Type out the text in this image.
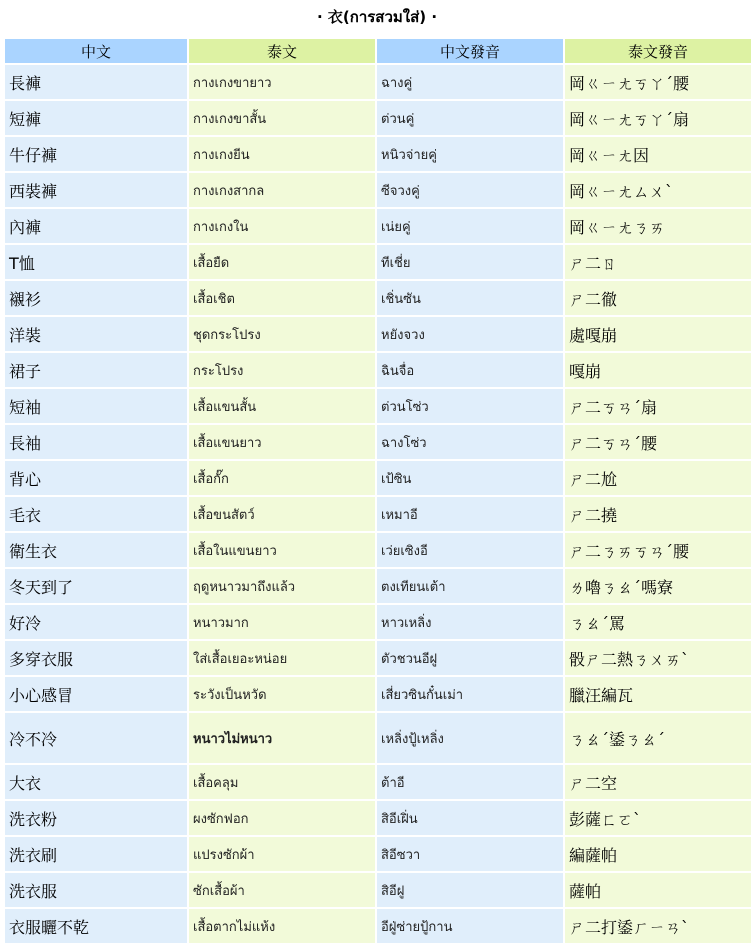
· 衣(การสวมใส่) ·
中文	泰文	中文發音	泰文發音
長褲	กางเกงขายาว	ฉางคู่	岡ㄍㄧㄤㄎㄚˊ腰
短褲	กางเกงขาสั้น	ต่วนคู่	岡ㄍㄧㄤㄎㄚˊ扇
牛仔褲	กางเกงยีน	หนิวจ่ายคู่	岡ㄍㄧㄤ因
西裝褲	กางเกงสากล	ซีจวงคู่	岡ㄍㄧㄤㄙㄨˋ
內褲	กางเกงใน	เน่ยคู่	岡ㄍㄧㄤㄋㄞ
T恤	เสื้อยืด	ทีเชี่ย	ㄕ二ㄖ
襯衫	เสื้อเชิต	เชิ่นซัน	ㄕ二徹
洋裝	ชุดกระโปรง	หยังจวง	處嘎崩
裙子	กระโปรง	ฉินจื่อ	嘎崩
短袖	เสื้อแขนสั้น	ต่วนโซ่ว	ㄕ二ㄎㄢˊ扇
長袖	เสื้อแขนยาว	ฉางโซ่ว	ㄕ二ㄎㄢˊ腰
背心	เสื้อกั๊ก	เป้ซิน	ㄕ二尬
毛衣	เสื้อขนสัตว์	เหมาอี	ㄕ二撓
衛生衣	เสื้อในแขนยาว	เว่ยเซิงอี	ㄕ二ㄋㄞㄎㄢˊ腰
冬天到了	ฤดูหนาวมาถึงแล้ว	ตงเทียนเต้า	ㄌ嚕ㄋㄠˊ嗎寮
好冷	หนาวมาก	หาวเหลิ่ง	ㄋㄠˊ罵
多穿衣服	ใส่เสื้อเยอะหน่อย	ตัวชวนอีฝู	骰ㄕ二熱ㄋㄨㄞˋ
小心感冒	ระวังเป็นหวัด	เสี่ยวซินกั๋นเม่า	臘汪編瓦
冷不冷	หนาวไม่หนาว	เหลิ่งปู้เหลิ่ง	ㄋㄠˊ鋈ㄋㄠˊ
大衣	เสื้อคลุม	ต้าอี	ㄕ二空
洗衣粉	ผงซักฟอก	สิอีเฝิ่น	彭薩ㄈㄛˋ
洗衣刷	แปรงซักผ้า	สิอีซวา	編薩帕
洗衣服	ซักเสื้อผ้า	สิอีฝู	薩帕
衣服曬不乾	เสื้อตากไม่แห้ง	อีฝู่ซ่ายปู้กาน	ㄕ二打鋈ㄏㄧㄢˋ
